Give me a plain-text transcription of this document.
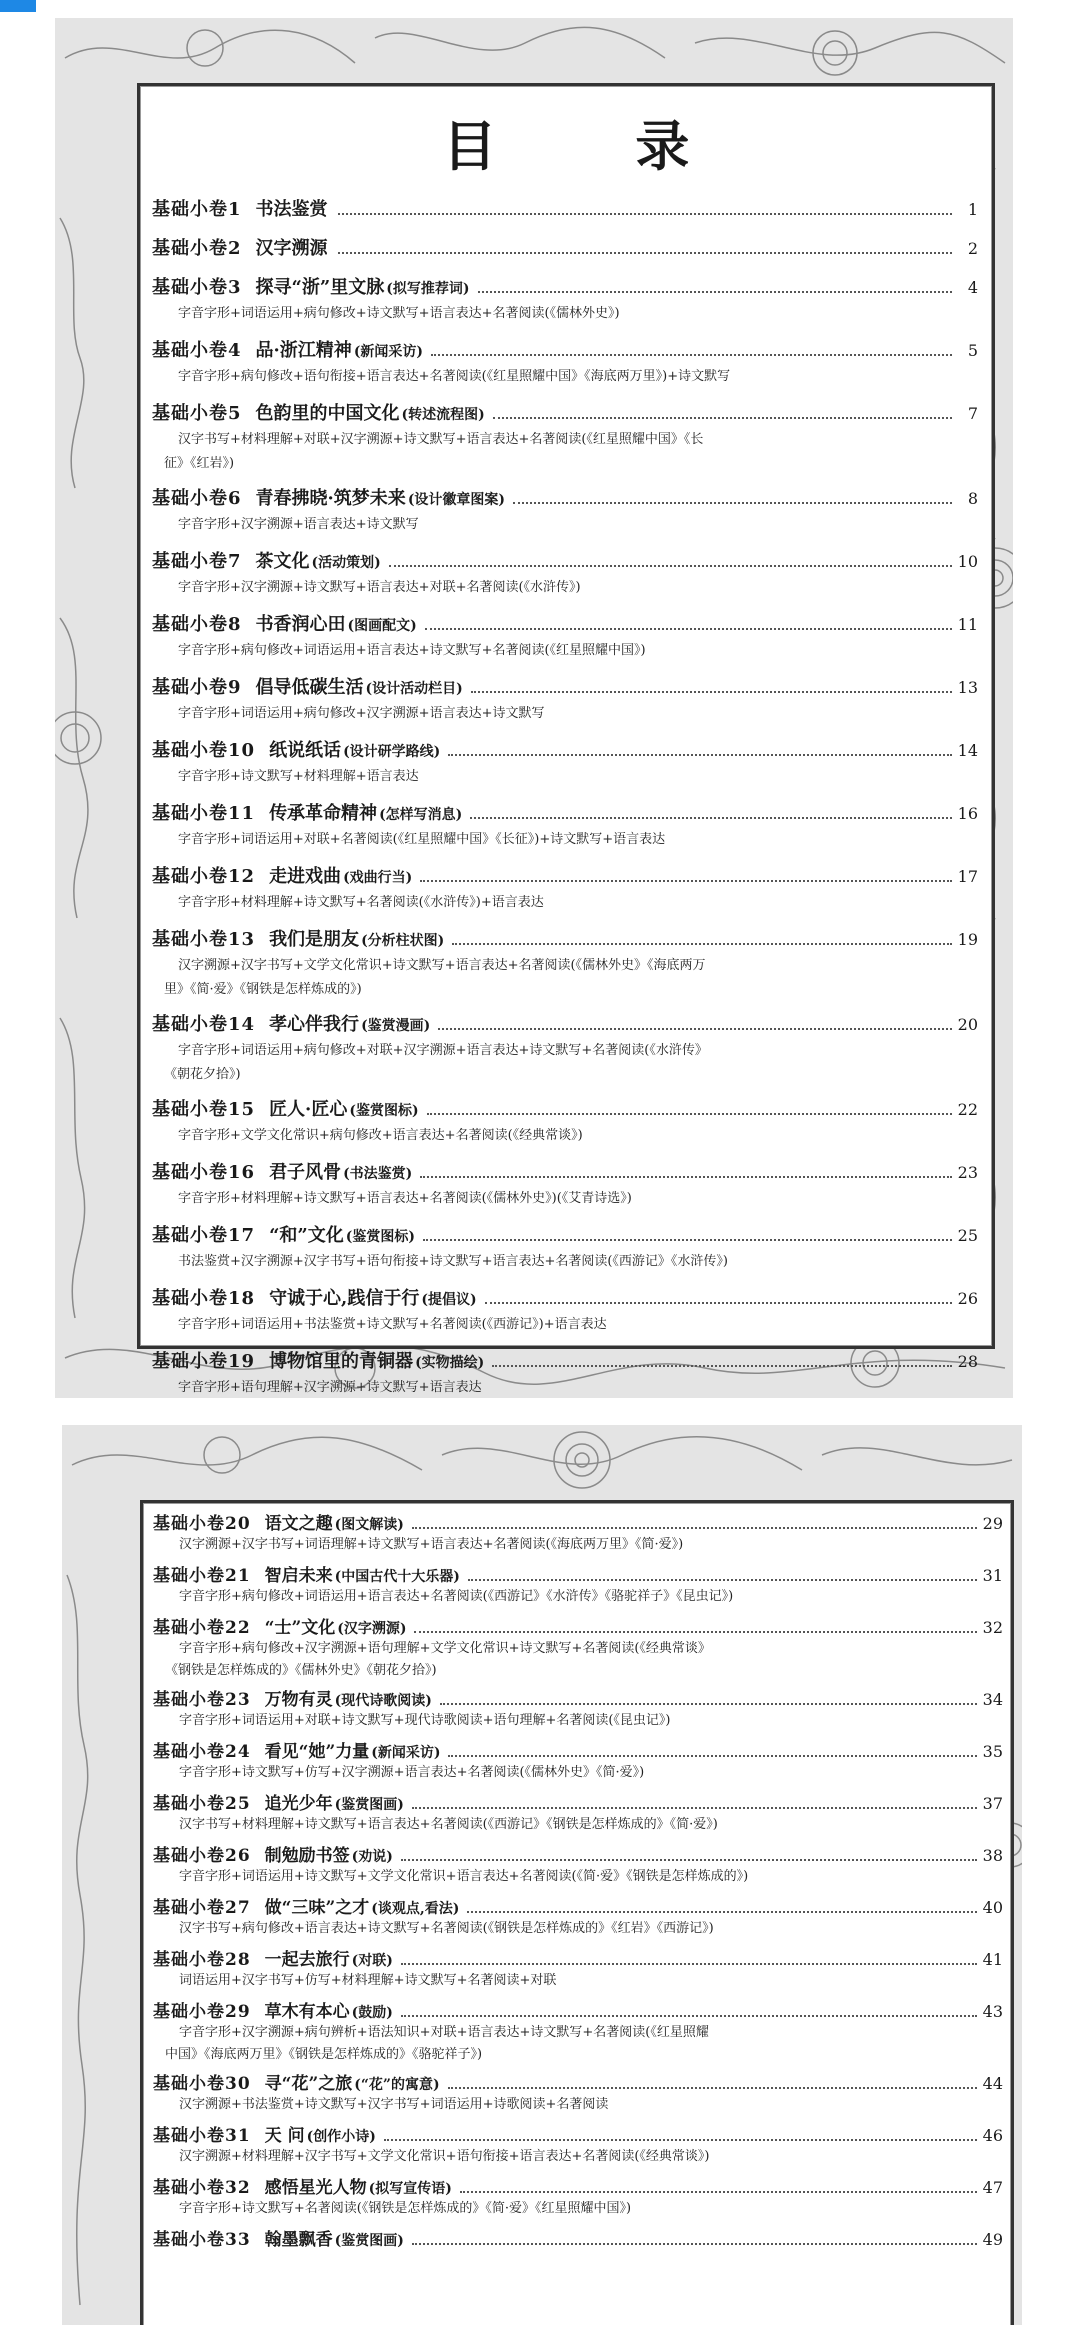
目 录
基础小卷1 书法鉴赏	1
基础小卷2 汉字溯源	2
基础小卷3 探寻“浙”里文脉 (拟写推荐词)	4
字音字形+词语运用+病句修改+诗文默写+语言表达+名著阅读(《儒林外史》)
基础小卷4 品·浙江精神 (新闻采访)	5
字音字形+病句修改+语句衔接+语言表达+名著阅读(《红星照耀中国》《海底两万里》)+诗文默写
基础小卷5 色韵里的中国文化 (转述流程图)	7
汉字书写+材料理解+对联+汉字溯源+诗文默写+语言表达+名著阅读(《红星照耀中国》《长
征》《红岩》)
基础小卷6 青春拂晓·筑梦未来 (设计徽章图案)	8
字音字形+汉字溯源+语言表达+诗文默写
基础小卷7 茶文化 (活动策划)	10
字音字形+汉字溯源+诗文默写+语言表达+对联+名著阅读(《水浒传》)
基础小卷8 书香润心田 (图画配文)	11
字音字形+病句修改+词语运用+语言表达+诗文默写+名著阅读(《红星照耀中国》)
基础小卷9 倡导低碳生活 (设计活动栏目)	13
字音字形+词语运用+病句修改+汉字溯源+语言表达+诗文默写
基础小卷10 纸说纸话 (设计研学路线)	14
字音字形+诗文默写+材料理解+语言表达
基础小卷11 传承革命精神 (怎样写消息)	16
字音字形+词语运用+对联+名著阅读(《红星照耀中国》《长征》)+诗文默写+语言表达
基础小卷12 走进戏曲 (戏曲行当)	17
字音字形+材料理解+诗文默写+名著阅读(《水浒传》)+语言表达
基础小卷13 我们是朋友 (分析柱状图)	19
汉字溯源+汉字书写+文学文化常识+诗文默写+语言表达+名著阅读(《儒林外史》《海底两万
里》《简·爱》《钢铁是怎样炼成的》)
基础小卷14 孝心伴我行 (鉴赏漫画)	20
字音字形+词语运用+病句修改+对联+汉字溯源+语言表达+诗文默写+名著阅读(《水浒传》
《朝花夕拾》)
基础小卷15 匠人·匠心 (鉴赏图标)	22
字音字形+文学文化常识+病句修改+语言表达+名著阅读(《经典常谈》)
基础小卷16 君子风骨 (书法鉴赏)	23
字音字形+材料理解+诗文默写+语言表达+名著阅读(《儒林外史》)(《艾青诗选》)
基础小卷17 “和”文化 (鉴赏图标)	25
书法鉴赏+汉字溯源+汉字书写+语句衔接+诗文默写+语言表达+名著阅读(《西游记》《水浒传》)
基础小卷18 守诚于心,践信于行 (提倡议)	26
字音字形+词语运用+书法鉴赏+诗文默写+名著阅读(《西游记》)+语言表达
基础小卷19 博物馆里的青铜器 (实物描绘)	28
字音字形+语句理解+汉字溯源+诗文默写+语言表达
基础小卷20 语文之趣 (图文解读)	29
汉字溯源+汉字书写+词语理解+诗文默写+语言表达+名著阅读(《海底两万里》《简·爱》)
基础小卷21 智启未来 (中国古代十大乐器)	31
字音字形+病句修改+词语运用+语言表达+名著阅读(《西游记》《水浒传》《骆驼祥子》《昆虫记》)
基础小卷22 “士”文化 (汉字溯源)	32
字音字形+病句修改+汉字溯源+语句理解+文学文化常识+诗文默写+名著阅读(《经典常谈》
《钢铁是怎样炼成的》《儒林外史》《朝花夕拾》)
基础小卷23 万物有灵 (现代诗歌阅读)	34
字音字形+词语运用+对联+诗文默写+现代诗歌阅读+语句理解+名著阅读(《昆虫记》)
基础小卷24 看见“她”力量 (新闻采访)	35
字音字形+诗文默写+仿写+汉字溯源+语言表达+名著阅读(《儒林外史》《简·爱》)
基础小卷25 追光少年 (鉴赏图画)	37
汉字书写+材料理解+诗文默写+语言表达+名著阅读(《西游记》《钢铁是怎样炼成的》《简·爱》)
基础小卷26 制勉励书签 (劝说)	38
字音字形+词语运用+诗文默写+文学文化常识+语言表达+名著阅读(《简·爱》《钢铁是怎样炼成的》)
基础小卷27 做“三味”之才 (谈观点,看法)	40
汉字书写+病句修改+语言表达+诗文默写+名著阅读(《钢铁是怎样炼成的》《红岩》《西游记》)
基础小卷28 一起去旅行 (对联)	41
词语运用+汉字书写+仿写+材料理解+诗文默写+名著阅读+对联
基础小卷29 草木有本心 (鼓励)	43
字音字形+汉字溯源+病句辨析+语法知识+对联+语言表达+诗文默写+名著阅读(《红星照耀
中国》《海底两万里》《钢铁是怎样炼成的》《骆驼祥子》)
基础小卷30 寻“花”之旅 (“花”的寓意)	44
汉字溯源+书法鉴赏+诗文默写+汉字书写+词语运用+诗歌阅读+名著阅读
基础小卷31 天 问 (创作小诗)	46
汉字溯源+材料理解+汉字书写+文学文化常识+语句衔接+语言表达+名著阅读(《经典常谈》)
基础小卷32 感悟星光人物 (拟写宣传语)	47
字音字形+诗文默写+名著阅读(《钢铁是怎样炼成的》《简·爱》《红星照耀中国》)
基础小卷33 翰墨飘香 (鉴赏图画)	49
